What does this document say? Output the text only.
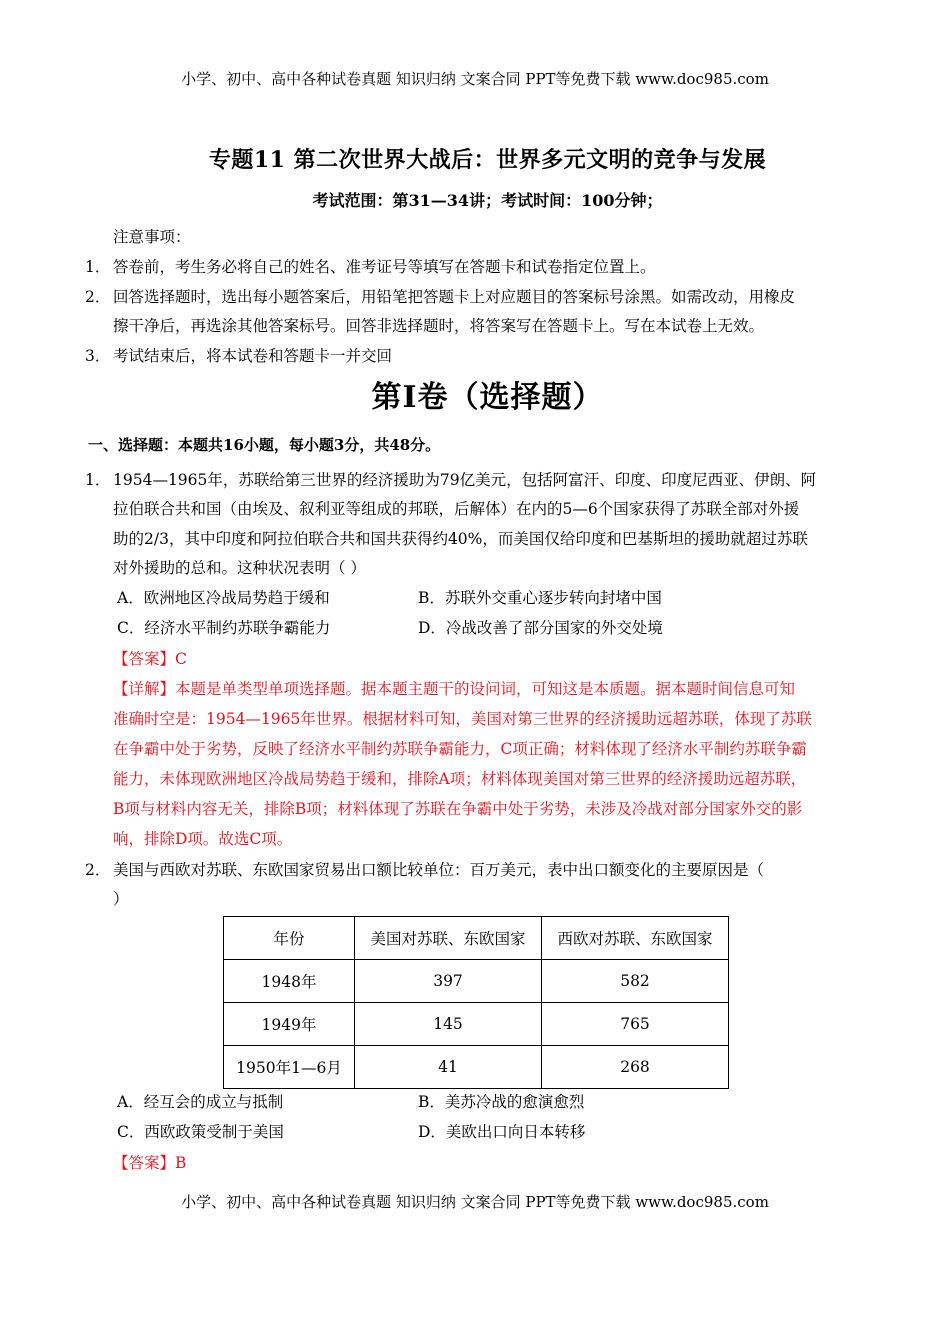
小学、初中、高中各种试卷真题 知识归纳 文案合同 PPT等免费下载 www.doc985.com
专题11 第二次世界大战后：世界多元文明的竞争与发展
考试范围：第31—34讲；考试时间：100分钟；
注意事项：
1． 答卷前，考生务必将自己的姓名、准考证号等填写在答题卡和试卷指定位置上。
2． 回答选择题时，选出每小题答案后，用铅笔把答题卡上对应题目的答案标号涂黑。如需改动，用橡皮
擦干净后，再选涂其他答案标号。回答非选择题时，将答案写在答题卡上。写在本试卷上无效。
3． 考试结束后，将本试卷和答题卡一并交回
第I卷（选择题）
一、选择题：本题共16小题，每小题3分，共48分。
1． 1954—1965年，苏联给第三世界的经济援助为79亿美元，包括阿富汗、印度、印度尼西亚、伊朗、阿
拉伯联合共和国（由埃及、叙利亚等组成的邦联，后解体）在内的5—6个国家获得了苏联全部对外援
助的2/3，其中印度和阿拉伯联合共和国共获得约40%，而美国仅给印度和巴基斯坦的援助就超过苏联
对外援助的总和。这种状况表明（ ）
A．欧洲地区冷战局势趋于缓和	B．苏联外交重心逐步转向封堵中国
C．经济水平制约苏联争霸能力	D．冷战改善了部分国家的外交处境
【答案】C
【详解】本题是单类型单项选择题。据本题主题干的设问词，可知这是本质题。据本题时间信息可知
准确时空是：1954—1965年世界。根据材料可知，美国对第三世界的经济援助远超苏联，体现了苏联
在争霸中处于劣势，反映了经济水平制约苏联争霸能力，C项正确；材料体现了经济水平制约苏联争霸
能力，未体现欧洲地区冷战局势趋于缓和，排除A项；材料体现美国对第三世界的经济援助远超苏联，
B项与材料内容无关，排除B项；材料体现了苏联在争霸中处于劣势，未涉及冷战对部分国家外交的影
响，排除D项。故选C项。
2． 美国与西欧对苏联、东欧国家贸易出口额比较单位：百万美元，表中出口额变化的主要原因是（
）
年份	美国对苏联、东欧国家	西欧对苏联、东欧国家
1948年	397	582
1949年	145	765
1950年1—6月	41	268
A．经互会的成立与抵制	B．美苏冷战的愈演愈烈
C．西欧政策受制于美国	D．美欧出口向日本转移
【答案】B
小学、初中、高中各种试卷真题 知识归纳 文案合同 PPT等免费下载 www.doc985.com
